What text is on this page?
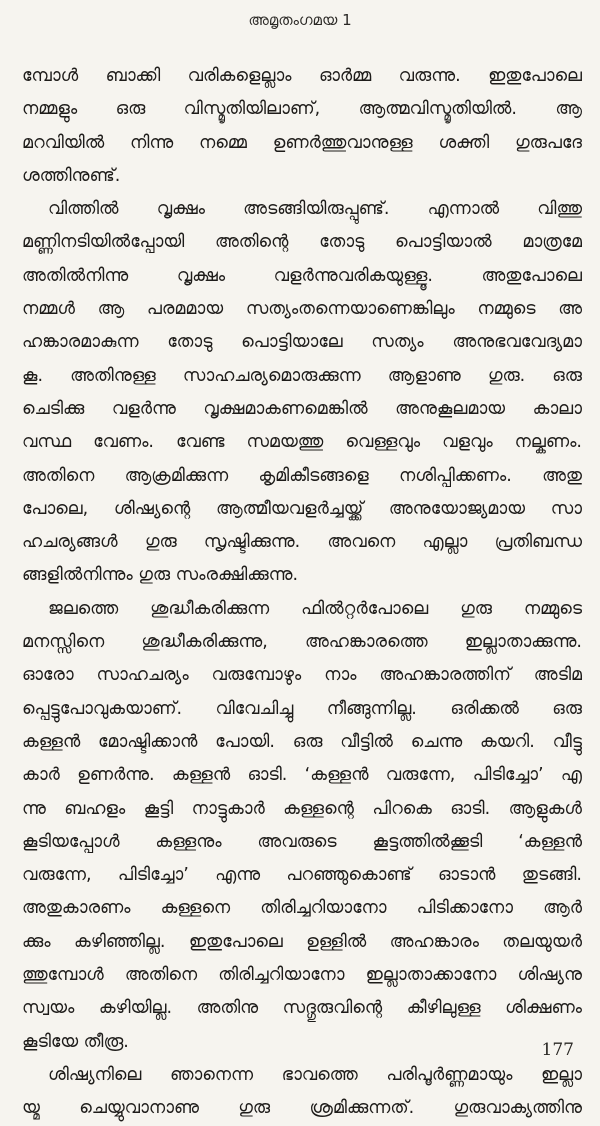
അമൃതംഗമയ 1
മ്പോൾ ബാക്കി വരികളെല്ലാം ഓർമ്മ വരുന്നു. ഇതുപോലെ
നമ്മളും ഒരു വിസ്മൃതിയിലാണ്, ആത്മവിസ്മൃതിയിൽ. ആ
മറവിയിൽ നിന്നു നമ്മെ ഉണർത്തുവാനുള്ള ശക്തി ഗുരുപദേ
ശത്തിനുണ്ട്.
വിത്തിൽ വൃക്ഷം അടങ്ങിയിരുപ്പുണ്ട്. എന്നാൽ വിത്തു
മണ്ണിനടിയിൽപ്പോയി അതിന്റെ തോടു പൊട്ടിയാൽ മാത്രമേ
അതിൽനിന്നു വൃക്ഷം വളർന്നുവരികയുള്ളൂ. അതുപോലെ
നമ്മൾ ആ പരമമായ സത്യംതന്നെയാണെങ്കിലും നമ്മുടെ അ
ഹങ്കാരമാകുന്ന തോടു പൊട്ടിയാലേ സത്യം അനുഭവവേദ്യമാ
കൂ. അതിനുള്ള സാഹചര്യമൊരുക്കുന്ന ആളാണു ഗുരു. ഒരു
ചെടിക്കു വളർന്നു വൃക്ഷമാകണമെങ്കിൽ അനുകൂലമായ കാലാ
വസ്ഥ വേണം. വേണ്ട സമയത്തു വെള്ളവും വളവും നല്കണം.
അതിനെ ആക്രമിക്കുന്ന കൃമികീടങ്ങളെ നശിപ്പിക്കണം. അതു
പോലെ, ശിഷ്യന്റെ ആത്മീയവളർച്ചയ്ക്ക് അനുയോജ്യമായ സാ
ഹചര്യങ്ങൾ ഗുരു സൃഷ്ടിക്കുന്നു. അവനെ എല്ലാ പ്രതിബന്ധ
ങ്ങളിൽനിന്നും ഗുരു സംരക്ഷിക്കുന്നു.
ജലത്തെ ശുദ്ധീകരിക്കുന്ന ഫിൽറ്റർപോലെ ഗുരു നമ്മുടെ
മനസ്സിനെ ശുദ്ധീകരിക്കുന്നു, അഹങ്കാരത്തെ ഇല്ലാതാക്കുന്നു.
ഓരോ സാഹചര്യം വരുമ്പോഴും നാം അഹങ്കാരത്തിന് അടിമ
പ്പെട്ടുപോവുകയാണ്. വിവേചിച്ചു നീങ്ങുന്നില്ല. ഒരിക്കൽ ഒരു
കള്ളൻ മോഷ്ടിക്കാൻ പോയി. ഒരു വീട്ടിൽ ചെന്നു കയറി. വീട്ടു
കാർ ഉണർന്നു. കള്ളൻ ഓടി. ‘കള്ളൻ വരുന്നേ, പിടിച്ചോ’ എ
ന്നു ബഹളം കൂട്ടി നാട്ടുകാർ കള്ളന്റെ പിറകെ ഓടി. ആളുകൾ
കൂടിയപ്പോൾ കള്ളനും അവരുടെ കൂട്ടത്തിൽക്കൂടി ‘കള്ളൻ
വരുന്നേ, പിടിച്ചോ’ എന്നു പറഞ്ഞുകൊണ്ട് ഓടാൻ തുടങ്ങി.
അതുകാരണം കള്ളനെ തിരിച്ചറിയാനോ പിടിക്കാനോ ആർ
ക്കും കഴിഞ്ഞില്ല. ഇതുപോലെ ഉള്ളിൽ അഹങ്കാരം തലയുയർ
ത്തുമ്പോൾ അതിനെ തിരിച്ചറിയാനോ ഇല്ലാതാക്കാനോ ശിഷ്യനു
സ്വയം കഴിയില്ല. അതിനു സദ്ഗുരുവിന്റെ കീഴിലുള്ള ശിക്ഷണം
കൂടിയേ തീരൂ.
ശിഷ്യനിലെ ഞാനെന്ന ഭാവത്തെ പരിപൂർണ്ണമായും ഇല്ലാ
യ്മ ചെയ്യുവാനാണു ഗുരു ശ്രമിക്കുന്നത്. ഗുരുവാക്യത്തിനു
177
